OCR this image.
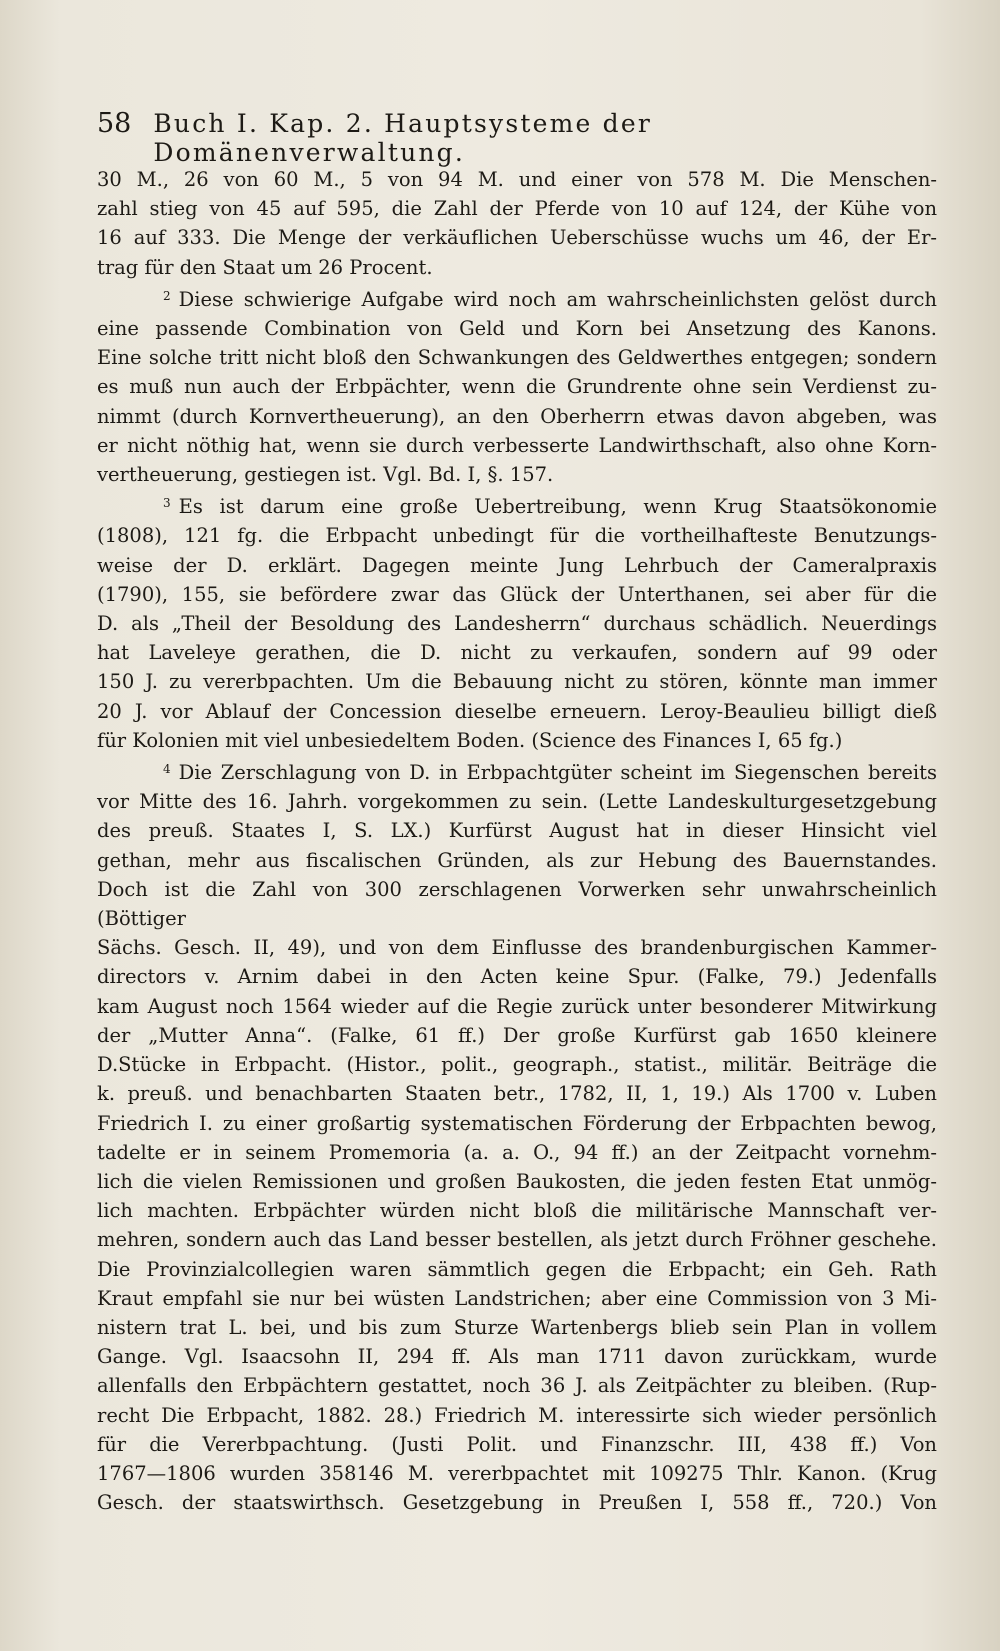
58 Buch I. Kap. 2. Hauptsysteme der Domänenverwaltung.
30 M., 26 von 60 M., 5 von 94 M. und einer von 578 M. Die Menschen-
zahl stieg von 45 auf 595, die Zahl der Pferde von 10 auf 124, der Kühe von
16 auf 333. Die Menge der verkäuflichen Ueberschüsse wuchs um 46, der Er-
trag für den Staat um 26 Procent.
$^2$ Diese schwierige Aufgabe wird noch am wahrscheinlichsten gelöst durch
eine passende Combination von Geld und Korn bei Ansetzung des Kanons.
Eine solche tritt nicht bloß den Schwankungen des Geldwerthes entgegen; sondern
es muß nun auch der Erbpächter, wenn die Grundrente ohne sein Verdienst zu-
nimmt (durch Kornvertheuerung), an den Oberherrn etwas davon abgeben, was
er nicht nöthig hat, wenn sie durch verbesserte Landwirthschaft, also ohne Korn-
vertheuerung, gestiegen ist. Vgl. Bd. I, §. 157.
$^3$ Es ist darum eine große Uebertreibung, wenn Krug Staatsökonomie
(1808), 121 fg. die Erbpacht unbedingt für die vortheilhafteste Benutzungs-
weise der D. erklärt. Dagegen meinte Jung Lehrbuch der Cameralpraxis
(1790), 155, sie befördere zwar das Glück der Unterthanen, sei aber für die
D. als „Theil der Besoldung des Landesherrn“ durchaus schädlich. Neuerdings
hat Laveleye gerathen, die D. nicht zu verkaufen, sondern auf 99 oder
150 J. zu vererbpachten. Um die Bebauung nicht zu stören, könnte man immer
20 J. vor Ablauf der Concession dieselbe erneuern. Leroy-Beaulieu billigt dieß
für Kolonien mit viel unbesiedeltem Boden. (Science des Finances I, 65 fg.)
$^4$ Die Zerschlagung von D. in Erbpachtgüter scheint im Siegenschen bereits
vor Mitte des 16. Jahrh. vorgekommen zu sein. (Lette Landeskulturgesetzgebung
des preuß. Staates I, S. LX.) Kurfürst August hat in dieser Hinsicht viel
gethan, mehr aus fiscalischen Gründen, als zur Hebung des Bauernstandes.
Doch ist die Zahl von 300 zerschlagenen Vorwerken sehr unwahrscheinlich (Böttiger
Sächs. Gesch. II, 49), und von dem Einflusse des brandenburgischen Kammer-
directors v. Arnim dabei in den Acten keine Spur. (Falke, 79.) Jedenfalls
kam August noch 1564 wieder auf die Regie zurück unter besonderer Mitwirkung
der „Mutter Anna“. (Falke, 61 ff.) Der große Kurfürst gab 1650 kleinere
D.Stücke in Erbpacht. (Histor., polit., geograph., statist., militär. Beiträge die
k. preuß. und benachbarten Staaten betr., 1782, II, 1, 19.) Als 1700 v. Luben
Friedrich I. zu einer großartig systematischen Förderung der Erbpachten bewog,
tadelte er in seinem Promemoria (a. a. O., 94 ff.) an der Zeitpacht vornehm-
lich die vielen Remissionen und großen Baukosten, die jeden festen Etat unmög-
lich machten. Erbpächter würden nicht bloß die militärische Mannschaft ver-
mehren, sondern auch das Land besser bestellen, als jetzt durch Fröhner geschehe.
Die Provinzialcollegien waren sämmtlich gegen die Erbpacht; ein Geh. Rath
Kraut empfahl sie nur bei wüsten Landstrichen; aber eine Commission von 3 Mi-
nistern trat L. bei, und bis zum Sturze Wartenbergs blieb sein Plan in vollem
Gange. Vgl. Isaacsohn II, 294 ff. Als man 1711 davon zurückkam, wurde
allenfalls den Erbpächtern gestattet, noch 36 J. als Zeitpächter zu bleiben. (Rup-
recht Die Erbpacht, 1882. 28.) Friedrich M. interessirte sich wieder persönlich
für die Vererbpachtung. (Justi Polit. und Finanzschr. III, 438 ff.) Von
1767—1806 wurden 358146 M. vererbpachtet mit 109275 Thlr. Kanon. (Krug
Gesch. der staatswirthsch. Gesetzgebung in Preußen I, 558 ff., 720.) Von
